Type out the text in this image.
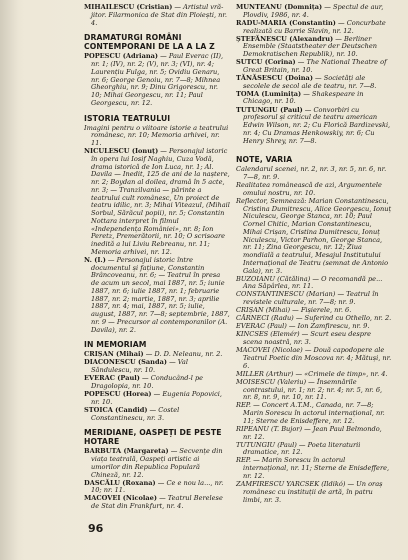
MIHAILESCU (Cristian) — Artistul vră-jitor. Filarmonica de Stat din Ploiești, nr. 4.
DRAMATURGI ROMÂNI CONTEMPORANI DE LA A LA Z
POPESCU (Adriana) — Paul Everac (II), nr. 1; (IV), nr. 2; (V), nr. 3; (VI), nr. 4; Laurențiu Fulga, nr. 5; Ovidiu Genaru, nr. 6; George Genoiu, nr. 7—8; Mihnea Gheorghiu, nr. 9; Dinu Grigorescu, nr. 10; Mihai Georgescu, nr. 11; Paul Georgescu, nr. 12.
ISTORIA TEATRULUI
Imagini pentru o viitoare istorie a teatrului românesc, nr. 10; Memoria arhivei, nr. 11.
NICULESCU (Ionuț) — Personajul istoric în opera lui Iosif Naghiu, Cuza Vodă, drama istorică de Ion Luca, nr. 1; Al. Davila — Inedit, 125 de ani de la naștere, nr. 2; Boydan al doilea, dramă în 5 acte, nr. 3; — Tranzilvania — părinte a teatrului cult românesc, Un proiect de teatru idilic, nr. 3; Mihai Viteazul, (Mihail Sorbul, Sărăcul popii), nr. 5; Constantin Nottara interpret în filmul «Independența României», nr. 8; Ion Peretz, Premerătorii, nr. 10; O scrisoare inedită a lui Liviu Rebreanu, nr. 11; Memoria arhivei, nr. 12.
N. (I.) — Personajul istoric între documentul și fațiune, Constantin Brâncoveanu, nr. 6; — Teatrul în presa de acum un secol, mai 1887, nr. 5; iunie 1887, nr. 6; iulie 1887, nr. 1; februarie 1887, nr. 2; martie, 1887, nr. 3; aprilie 1887, nr. 4; mai, 1887, nr. 5; iulie, august, 1887, nr. 7—8; septembrie, 1887, nr. 9 — Precursor al contemporanilor (A. Davila), nr. 2.
IN MEMORIAM
CRIȘAN (Mihai) — D. D. Neleanu, nr. 2.
DIACONESCU (Sanda) — Val Săndulescu, nr. 10.
EVERAC (Paul) — Conducând-l pe Dragolopia, nr. 10.
POPESCU (Horea) — Eugenia Popovici, nr. 10.
STOICA (Candid) — Costel Constantinescu, nr. 3.
MERIDIANE, OASPEȚI DE PESTE HOTARE
BARBUTA (Margareta) — Secvențe din viața teatrală, Oaspeți artistic ai umorilor din Republica Populară Chineză, nr. 12.
DASCĂLU (Roxana) — Ce e nou la..., nr. 10; nr. 11.
MACOVEI (Nicolae) — Teatrul Berelese de Stat din Frankfurt, nr. 4.
MUNTEANU (Domnița) — Spectul de aur, Plovdiv, 1986, nr. 4.
RADU-MARIA (Constantin) — Concurbate realizată cu Barrie Slavin, nr. 12.
ȘTEFĂNESCU (Alexandru) — Berliner Ensemble (Staatstheater der Deutschen Demokratischen Republik), nr. 10.
SUTCU (Corina) — The National Theatre of Great Britain, nr. 10.
TĂNĂSESCU (Doina) — Societăți ale secolele de secol ale de teatru, nr. 7—8.
TOMA (Luminița) — Shakespeare in Chicago, nr. 10.
TUTUNGIU (Paul) — Convorbiri cu profesorul și criticul de teatru american Edwin Wilson, nr. 2; Cu Florică Bardizevski, nr. 4; Cu Dramas Henkowskiy, nr. 6; Cu Henry Shrey, nr. 7—8.
NOTE, VARIA
Calendarul scenei, nr. 2, nr. 3, nr. 5, nr. 6, nr. 7—8, nr. 9.
Realitatea românească de azi, Argumentele omului nostru, nr. 10.
Reflector, Semnează: Marian Constantinescu, Cristina Dumitrescu, Alice Georgescu, Ionuț Niculescu, George Stanca, nr. 10; Paul Cornel Chitic, Marian Constantinescu, Mihai Crișan, Cristina Dumitrescu, Ionuț Niculescu, Victor Parhon, George Stanca, nr. 11; Zina Georgescu, nr. 12; Ziua mondială a teatrului, Mesajul Institutului Internațional de Teatru (semnat de Antonio Gala), nr. 3.
BUZOIANU (Cătălina) — O recomandă pe... Ana Săpârlea, nr. 11.
CONSTANTINESCU (Marian) — Teatrul în revistele culturale, nr. 7—8; nr. 9.
CRIȘAN (Mihai) — Fișierele, nr. 6.
CĂRNECI (Radu) — Suferind cu Othello, nr. 2.
EVERAC (Paul) — Ion Zamfirescu, nr. 9.
KINCSES (Elemér) — Scurt eseu despre scena noastră, nr. 3.
MACOVEI (Nicolae) — Două capodopere ale Teatrul Poetic din Moscova nr. 4; Mătuși, nr. 6.
MILLER (Arthur) — «Crimele de timp», nr. 4.
MOISESCU (Valeriu) — Însemnările contrastului, nr. 1; nr. 2; nr. 4; nr. 5, nr. 6, nr. 8, nr. 9, nr. 10, nr. 11.
REP. — Concert A.T.M., Canada, nr. 7—8; Marin Sorescu în actorul internațional, nr. 11; Sterne de Enisdeffere, nr. 12.
RIPEANU (T. Bujor) — Jean Paul Belmondo, nr. 12.
TUTUNGIU (Paul) — Poeta literaturii dramatice, nr. 12.
REP. — Marin Sorescu în actorul internațional, nr. 11; Sterne de Enisdeffere, nr. 12.
ZAMFIRESCU YARCSEK (Ildikó) — Un oraș românesc cu instituții de artă, în patru limbi, nr. 3.
96
